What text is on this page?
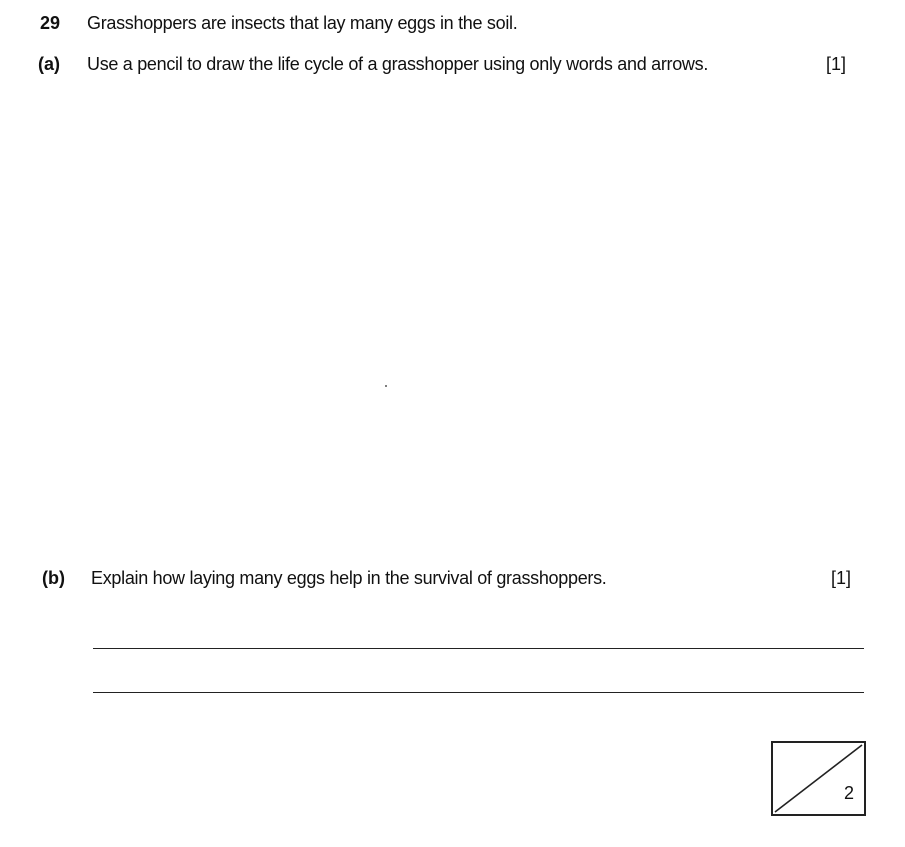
29 Grasshoppers are insects that lay many eggs in the soil.
(a) Use a pencil to draw the life cycle of a grasshopper using only words and arrows.	[1]
(b) Explain how laying many eggs help in the survival of grasshoppers.	[1]
2
